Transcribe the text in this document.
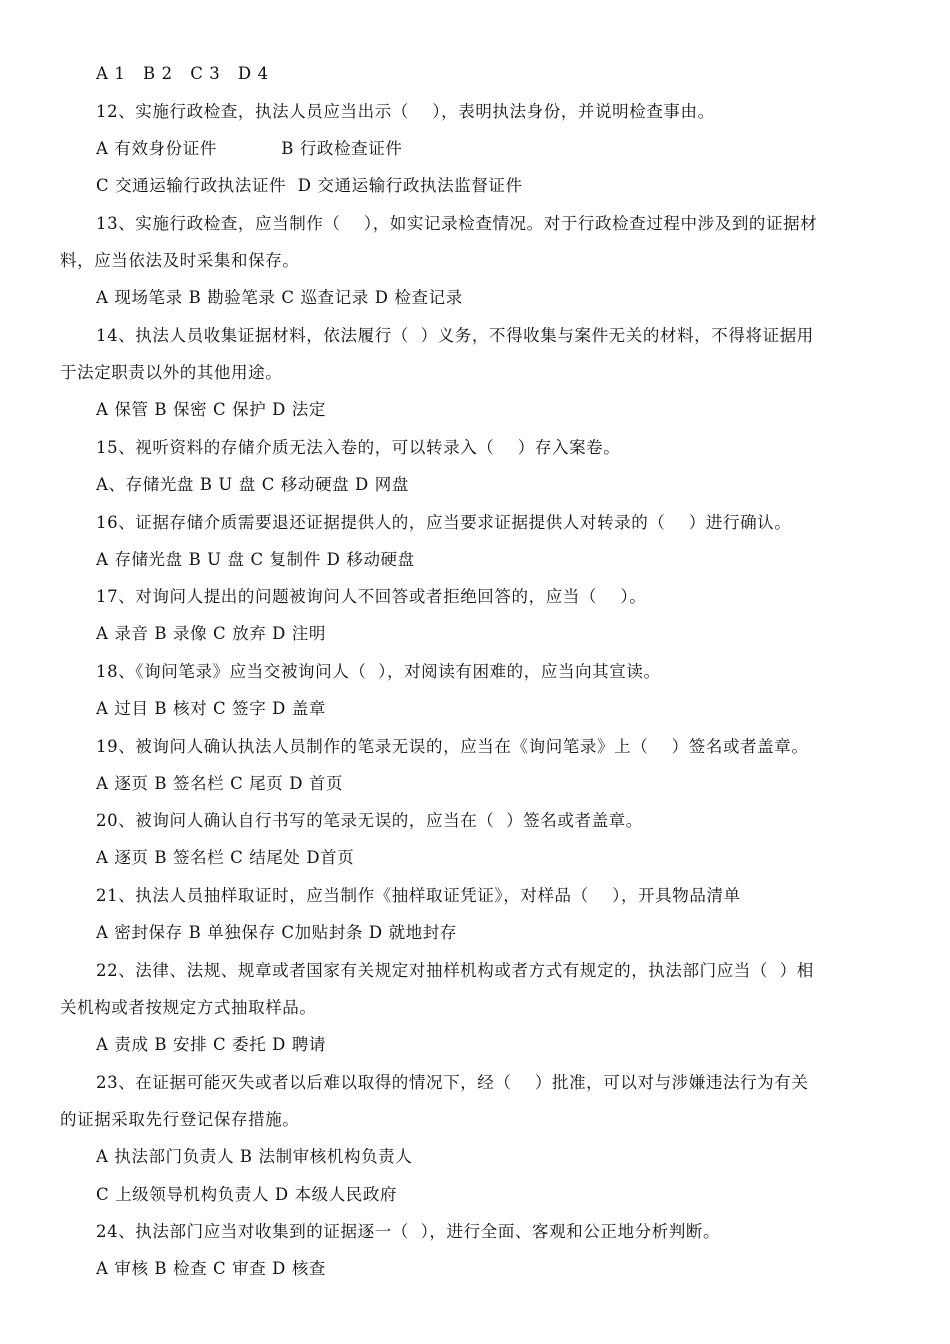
A 1   B 2   C 3   D 4
12、实施行政检查，执法人员应当出示（    ），表明执法身份，并说明检查事由。
A 有效身份证件           B 行政检查证件
C 交通运输行政执法证件  D 交通运输行政执法监督证件
13、实施行政检查，应当制作（    ），如实记录检查情况。对于行政检查过程中涉及到的证据材
料，应当依法及时采集和保存。
A 现场笔录 B 勘验笔录 C 巡查记录 D 检查记录
14、执法人员收集证据材料，依法履行（  ）义务，不得收集与案件无关的材料，不得将证据用
于法定职责以外的其他用途。
A 保管 B 保密 C 保护 D 法定
15、视听资料的存储介质无法入卷的，可以转录入（    ）存入案卷。
A、存储光盘 B U 盘 C 移动硬盘 D 网盘
16、证据存储介质需要退还证据提供人的，应当要求证据提供人对转录的（    ）进行确认。
A 存储光盘 B U 盘 C 复制件 D 移动硬盘
17、对询问人提出的问题被询问人不回答或者拒绝回答的，应当（    ）。
A 录音 B 录像 C 放弃 D 注明
18、《询问笔录》应当交被询问人（  ），对阅读有困难的，应当向其宣读。
A 过目 B 核对 C 签字 D 盖章
19、被询问人确认执法人员制作的笔录无误的，应当在《询问笔录》上（    ）签名或者盖章。
A 逐页 B 签名栏 C 尾页 D 首页
20、被询问人确认自行书写的笔录无误的，应当在（  ）签名或者盖章。
A 逐页 B 签名栏 C 结尾处 D首页
21、执法人员抽样取证时，应当制作《抽样取证凭证》，对样品（    ），开具物品清单
A 密封保存 B 单独保存 C加贴封条 D 就地封存
22、法律、法规、规章或者国家有关规定对抽样机构或者方式有规定的，执法部门应当（  ）相
关机构或者按规定方式抽取样品。
A 责成 B 安排 C 委托 D 聘请
23、在证据可能灭失或者以后难以取得的情况下，经（    ）批准，可以对与涉嫌违法行为有关
的证据采取先行登记保存措施。
A 执法部门负责人 B 法制审核机构负责人
C 上级领导机构负责人 D 本级人民政府
24、执法部门应当对收集到的证据逐一（  ），进行全面、客观和公正地分析判断。
A 审核 B 检查 C 审查 D 核查
